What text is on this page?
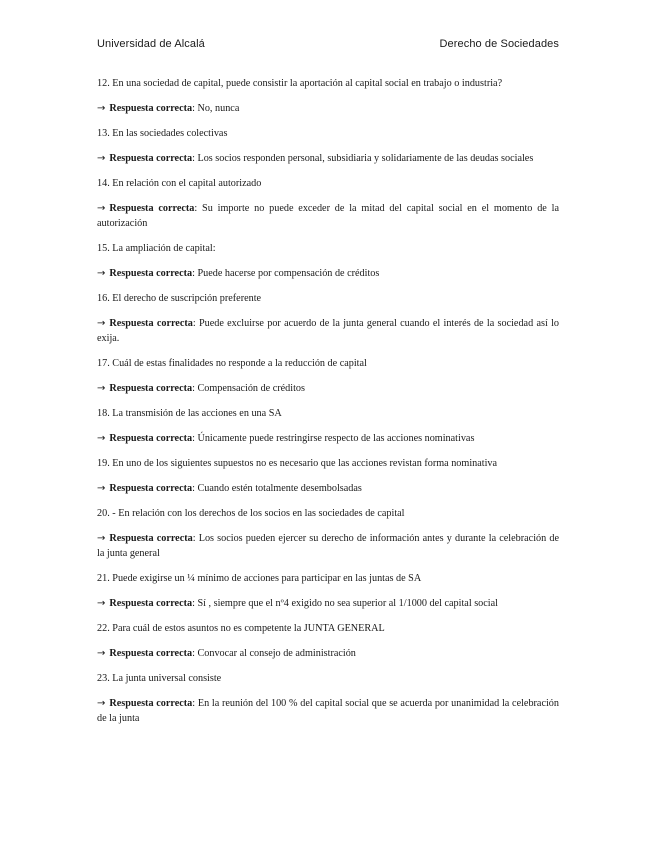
Universidad de Alcalá	Derecho de Sociedades

12. En una sociedad de capital, puede consistir la aportación al capital social en trabajo o industria?

→ Respuesta correcta: No, nunca

13. En las sociedades colectivas

→ Respuesta correcta: Los socios responden personal, subsidiaria y solidariamente de las deudas sociales

14. En relación con el capital autorizado

→ Respuesta correcta: Su importe no puede exceder de la mitad del capital social en el momento de la autorización

15. La ampliación de capital:

→ Respuesta correcta: Puede hacerse por compensación de créditos

16. El derecho de suscripción preferente

→ Respuesta correcta: Puede excluirse por acuerdo de la junta general cuando el interés de la sociedad así lo exija.

17. Cuál de estas finalidades no responde a la reducción de capital

→ Respuesta correcta: Compensación de créditos

18. La transmisión de las acciones en una SA

→ Respuesta correcta: Únicamente puede restringirse respecto de las acciones nominativas

19. En uno de los siguientes supuestos no es necesario que las acciones revistan forma nominativa

→ Respuesta correcta: Cuando estén totalmente desembolsadas

20. - En relación con los derechos de los socios en las sociedades de capital

→ Respuesta correcta: Los socios pueden ejercer su derecho de información antes y durante la celebración de la junta general

21. Puede exigirse un ¼ mínimo de acciones para participar en las juntas de SA

→ Respuesta correcta: Sí , siempre que el nº4 exigido no sea superior al 1/1000 del capital social

22. Para cuál de estos asuntos no es competente la JUNTA GENERAL

→ Respuesta correcta: Convocar al consejo de administración

23. La junta universal consiste

→ Respuesta correcta: En la reunión del 100 % del capital social que se acuerda por unanimidad la celebración de la junta
